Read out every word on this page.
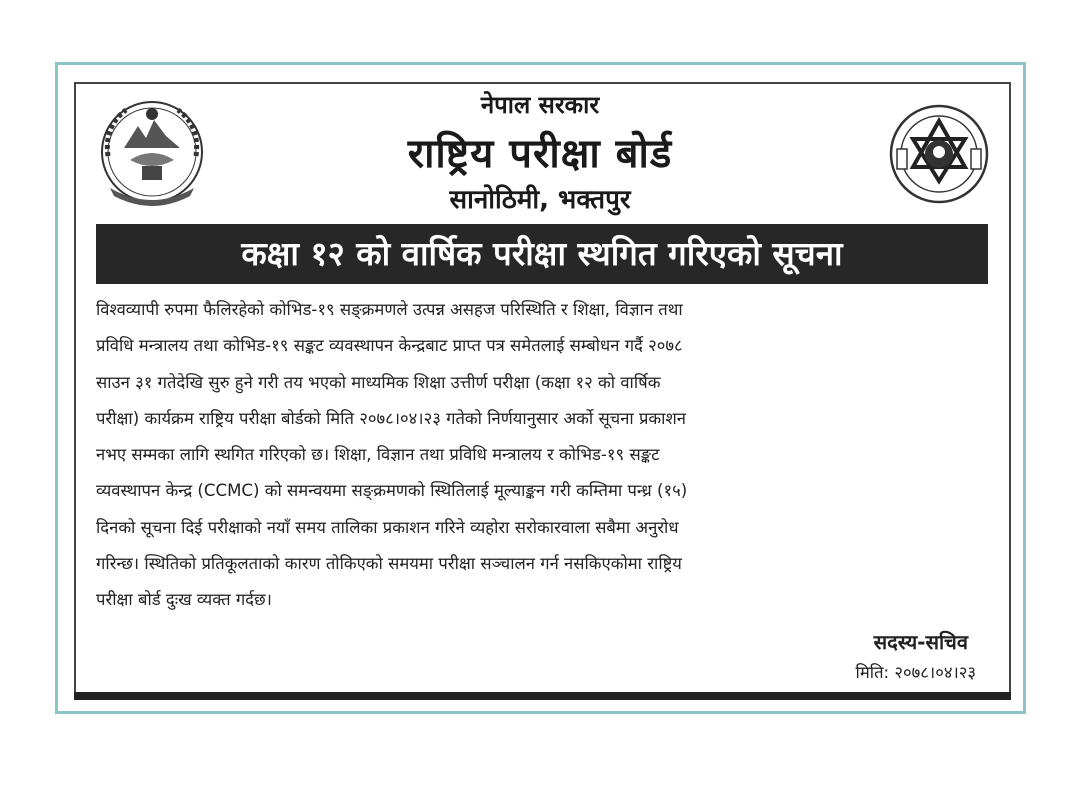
नेपाल सरकार
राष्ट्रिय परीक्षा बोर्ड
सानोठिमी, भक्तपुर
कक्षा १२ को वार्षिक परीक्षा स्थगित गरिएको सूचना
विश्वव्यापी रुपमा फैलिरहेको कोभिड-१९ सङ्क्रमणले उत्पन्न असहज परिस्थिति र शिक्षा, विज्ञान तथा
प्रविधि मन्त्रालय तथा कोभिड-१९ सङ्कट व्यवस्थापन केन्द्रबाट प्राप्त पत्र समेतलाई सम्बोधन गर्दै २०७८
साउन ३१ गतेदेखि सुरु हुने गरी तय भएको माध्यमिक शिक्षा उत्तीर्ण परीक्षा (कक्षा १२ को वार्षिक
परीक्षा) कार्यक्रम राष्ट्रिय परीक्षा बोर्डको मिति २०७८।०४।२३ गतेको निर्णयानुसार अर्को सूचना प्रकाशन
नभए सम्मका लागि स्थगित गरिएको छ। शिक्षा, विज्ञान तथा प्रविधि मन्त्रालय र कोभिड-१९ सङ्कट
व्यवस्थापन केन्द्र (CCMC) को समन्वयमा सङ्क्रमणको स्थितिलाई मूल्याङ्कन गरी कम्तिमा पन्ध्र (१५)
दिनको सूचना दिई परीक्षाको नयाँ समय तालिका प्रकाशन गरिने व्यहोरा सरोकारवाला सबैमा अनुरोध
गरिन्छ। स्थितिको प्रतिकूलताको कारण तोकिएको समयमा परीक्षा सञ्चालन गर्न नसकिएकोमा राष्ट्रिय
परीक्षा बोर्ड दुःख व्यक्त गर्दछ।
सदस्य-सचिव
मिति: २०७८।०४।२३
